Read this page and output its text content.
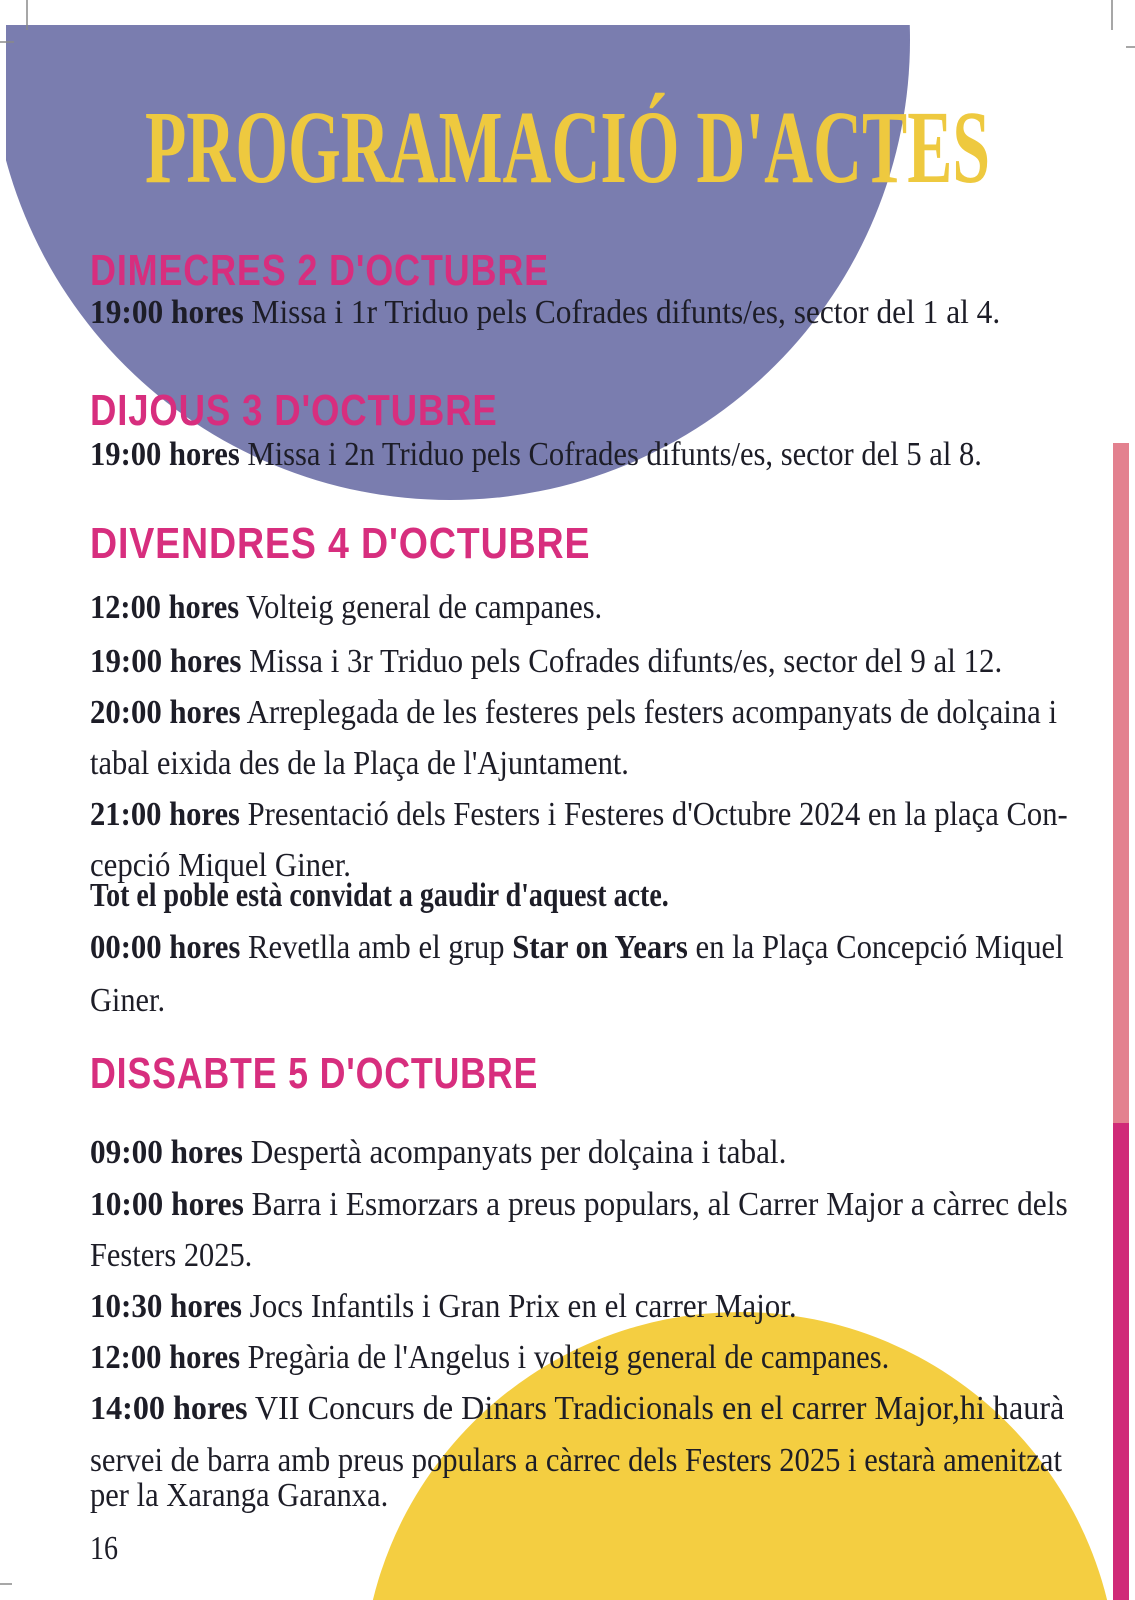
PROGRAMACIÓ D'ACTES
DIMECRES 2 D'OCTUBRE
19:00 hores Missa i 1r Triduo pels Cofrades difunts/es, sector del 1 al 4.
DIJOUS 3 D'OCTUBRE
19:00 hores Missa i 2n Triduo pels Cofrades difunts/es, sector del 5 al 8.
DIVENDRES 4 D'OCTUBRE
12:00 hores Volteig general de campanes.
19:00 hores Missa i 3r Triduo pels Cofrades difunts/es, sector del 9 al 12.
20:00 hores Arreplegada de les festeres pels festers acompanyats de dolçaina i
tabal eixida des de la Plaça de l'Ajuntament.
21:00 hores Presentació dels Festers i Festeres d'Octubre 2024 en la plaça Con-
cepció Miquel Giner.
Tot el poble està convidat a gaudir d'aquest acte.
00:00 hores Revetlla amb el grup Star on Years en la Plaça Concepció Miquel
Giner.
DISSABTE 5 D'OCTUBRE
09:00 hores Despertà acompanyats per dolçaina i tabal.
10:00 hores Barra i Esmorzars a preus populars, al Carrer Major a càrrec dels
Festers 2025.
10:30 hores Jocs Infantils i Gran Prix en el carrer Major.
12:00 hores Pregària de l'Angelus i volteig general de campanes.
14:00 hores VII Concurs de Dinars Tradicionals en el carrer Major,hi haurà
servei de barra amb preus populars a càrrec dels Festers 2025 i estarà amenitzat
per la Xaranga Garanxa.
16
